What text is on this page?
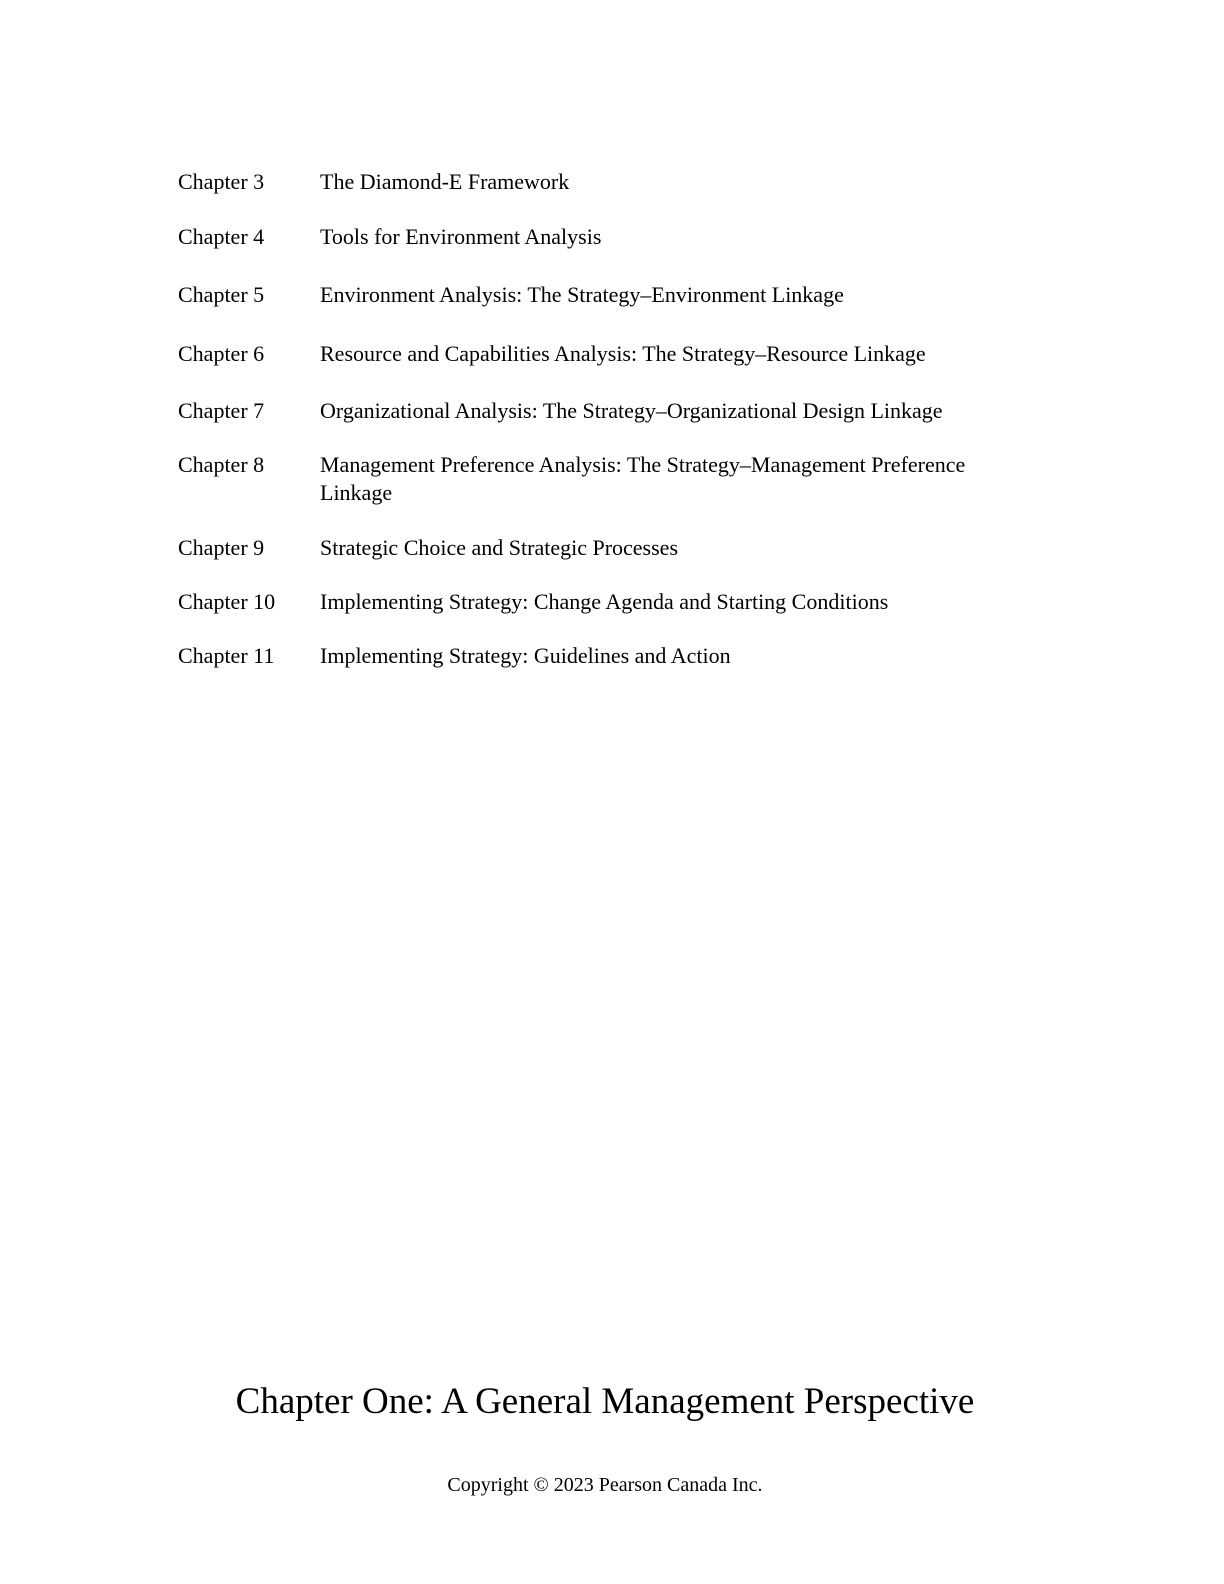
Chapter 3	The Diamond-E Framework
Chapter 4	Tools for Environment Analysis
Chapter 5	Environment Analysis: The Strategy–Environment Linkage
Chapter 6	Resource and Capabilities Analysis: The Strategy–Resource Linkage
Chapter 7	Organizational Analysis: The Strategy–Organizational Design Linkage
Chapter 8	Management Preference Analysis: The Strategy–Management Preference Linkage
Chapter 9	Strategic Choice and Strategic Processes
Chapter 10	Implementing Strategy: Change Agenda and Starting Conditions
Chapter 11	Implementing Strategy: Guidelines and Action
Chapter One: A General Management Perspective
Copyright © 2023 Pearson Canada Inc.
